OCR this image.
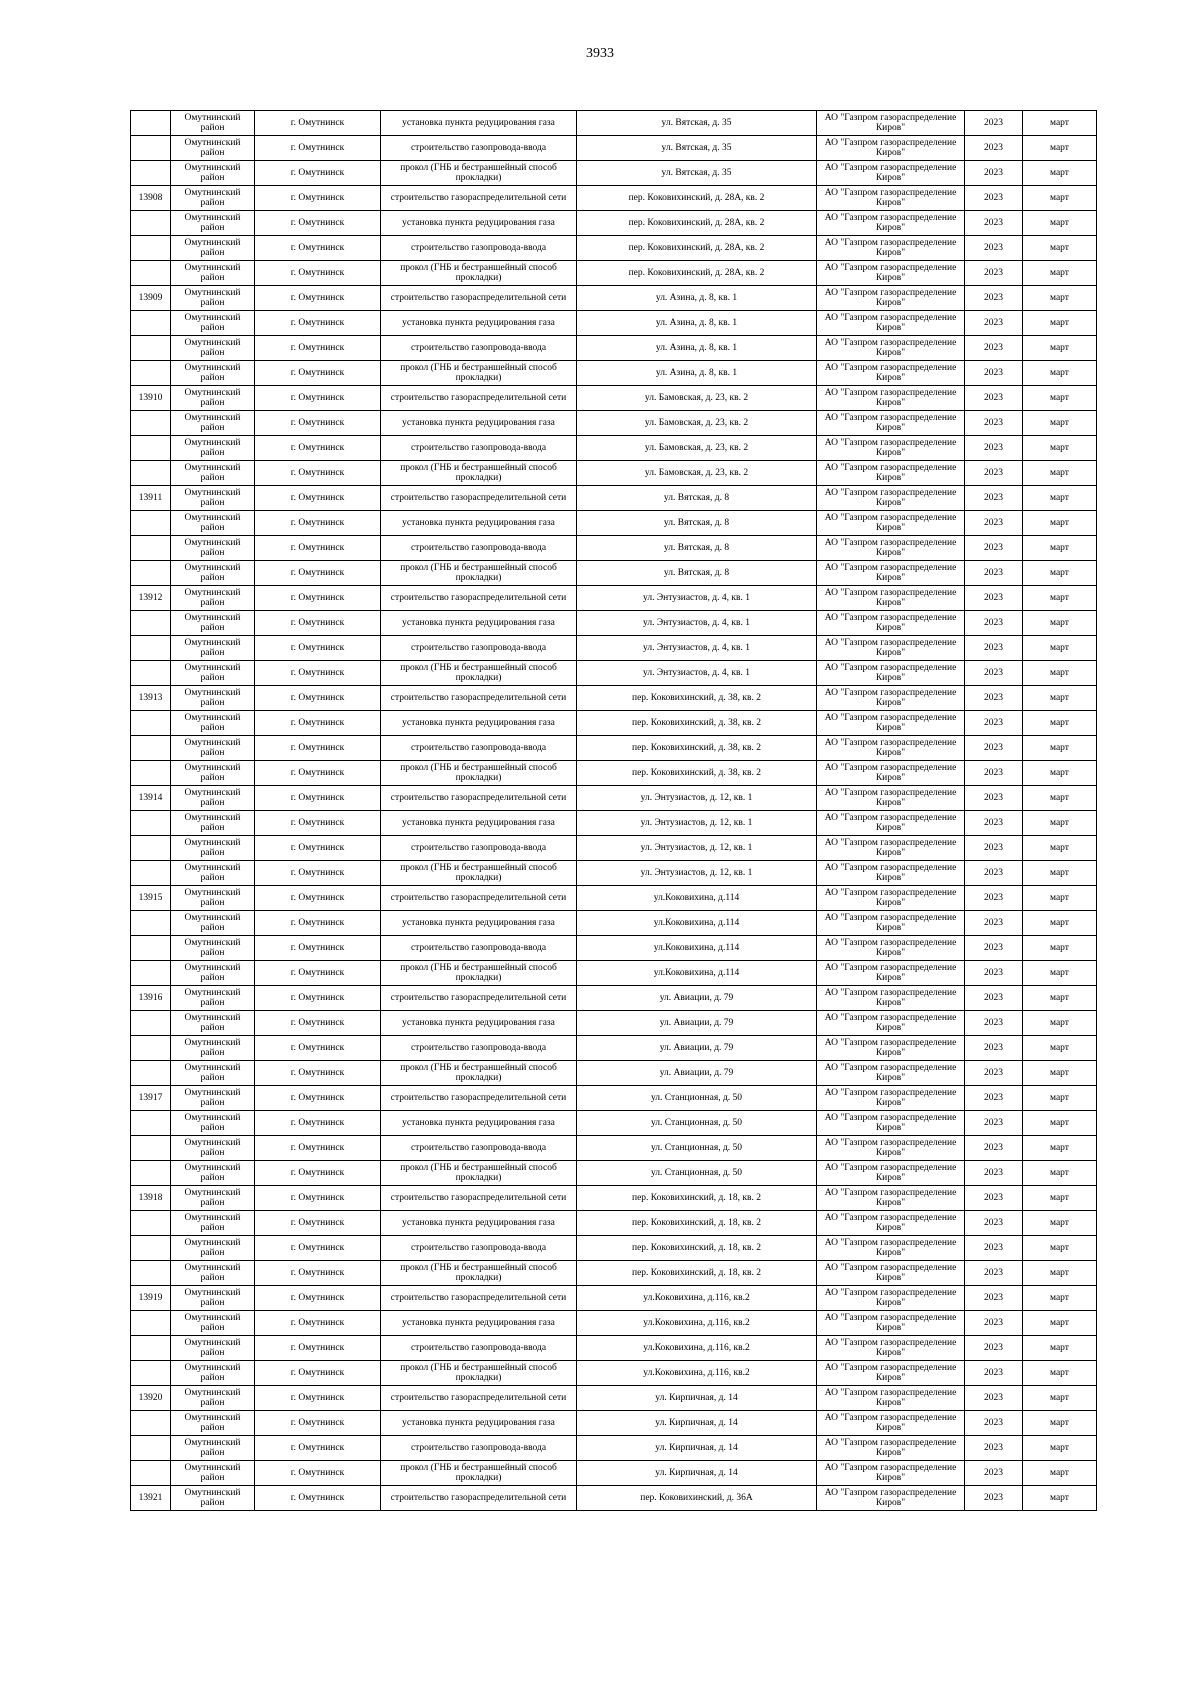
3933
	Омутнинский район	г. Омутнинск	установка пункта редуцирования газа	ул. Вятская, д. 35	АО "Газпром газораспределение Киров"	2023	март
	Омутнинский район	г. Омутнинск	строительство газопровода-ввода	ул. Вятская, д. 35	АО "Газпром газораспределение Киров"	2023	март
	Омутнинский район	г. Омутнинск	прокол (ГНБ и бестраншейный способ прокладки)	ул. Вятская, д. 35	АО "Газпром газораспределение Киров"	2023	март
13908	Омутнинский район	г. Омутнинск	строительство газораспределительной сети	пер. Коковихинский, д. 28А, кв. 2	АО "Газпром газораспределение Киров"	2023	март
	Омутнинский район	г. Омутнинск	установка пункта редуцирования газа	пер. Коковихинский, д. 28А, кв. 2	АО "Газпром газораспределение Киров"	2023	март
	Омутнинский район	г. Омутнинск	строительство газопровода-ввода	пер. Коковихинский, д. 28А, кв. 2	АО "Газпром газораспределение Киров"	2023	март
	Омутнинский район	г. Омутнинск	прокол (ГНБ и бестраншейный способ прокладки)	пер. Коковихинский, д. 28А, кв. 2	АО "Газпром газораспределение Киров"	2023	март
13909	Омутнинский район	г. Омутнинск	строительство газораспределительной сети	ул. Азина, д. 8, кв. 1	АО "Газпром газораспределение Киров"	2023	март
	Омутнинский район	г. Омутнинск	установка пункта редуцирования газа	ул. Азина, д. 8, кв. 1	АО "Газпром газораспределение Киров"	2023	март
	Омутнинский район	г. Омутнинск	строительство газопровода-ввода	ул. Азина, д. 8, кв. 1	АО "Газпром газораспределение Киров"	2023	март
	Омутнинский район	г. Омутнинск	прокол (ГНБ и бестраншейный способ прокладки)	ул. Азина, д. 8, кв. 1	АО "Газпром газораспределение Киров"	2023	март
13910	Омутнинский район	г. Омутнинск	строительство газораспределительной сети	ул. Бамовская, д. 23, кв. 2	АО "Газпром газораспределение Киров"	2023	март
	Омутнинский район	г. Омутнинск	установка пункта редуцирования газа	ул. Бамовская, д. 23, кв. 2	АО "Газпром газораспределение Киров"	2023	март
	Омутнинский район	г. Омутнинск	строительство газопровода-ввода	ул. Бамовская, д. 23, кв. 2	АО "Газпром газораспределение Киров"	2023	март
	Омутнинский район	г. Омутнинск	прокол (ГНБ и бестраншейный способ прокладки)	ул. Бамовская, д. 23, кв. 2	АО "Газпром газораспределение Киров"	2023	март
13911	Омутнинский район	г. Омутнинск	строительство газораспределительной сети	ул. Вятская, д. 8	АО "Газпром газораспределение Киров"	2023	март
	Омутнинский район	г. Омутнинск	установка пункта редуцирования газа	ул. Вятская, д. 8	АО "Газпром газораспределение Киров"	2023	март
	Омутнинский район	г. Омутнинск	строительство газопровода-ввода	ул. Вятская, д. 8	АО "Газпром газораспределение Киров"	2023	март
	Омутнинский район	г. Омутнинск	прокол (ГНБ и бестраншейный способ прокладки)	ул. Вятская, д. 8	АО "Газпром газораспределение Киров"	2023	март
13912	Омутнинский район	г. Омутнинск	строительство газораспределительной сети	ул. Энтузиастов, д. 4, кв. 1	АО "Газпром газораспределение Киров"	2023	март
	Омутнинский район	г. Омутнинск	установка пункта редуцирования газа	ул. Энтузиастов, д. 4, кв. 1	АО "Газпром газораспределение Киров"	2023	март
	Омутнинский район	г. Омутнинск	строительство газопровода-ввода	ул. Энтузиастов, д. 4, кв. 1	АО "Газпром газораспределение Киров"	2023	март
	Омутнинский район	г. Омутнинск	прокол (ГНБ и бестраншейный способ прокладки)	ул. Энтузиастов, д. 4, кв. 1	АО "Газпром газораспределение Киров"	2023	март
13913	Омутнинский район	г. Омутнинск	строительство газораспределительной сети	пер. Коковихинский, д. 38, кв. 2	АО "Газпром газораспределение Киров"	2023	март
	Омутнинский район	г. Омутнинск	установка пункта редуцирования газа	пер. Коковихинский, д. 38, кв. 2	АО "Газпром газораспределение Киров"	2023	март
	Омутнинский район	г. Омутнинск	строительство газопровода-ввода	пер. Коковихинский, д. 38, кв. 2	АО "Газпром газораспределение Киров"	2023	март
	Омутнинский район	г. Омутнинск	прокол (ГНБ и бестраншейный способ прокладки)	пер. Коковихинский, д. 38, кв. 2	АО "Газпром газораспределение Киров"	2023	март
13914	Омутнинский район	г. Омутнинск	строительство газораспределительной сети	ул. Энтузиастов, д. 12, кв. 1	АО "Газпром газораспределение Киров"	2023	март
	Омутнинский район	г. Омутнинск	установка пункта редуцирования газа	ул. Энтузиастов, д. 12, кв. 1	АО "Газпром газораспределение Киров"	2023	март
	Омутнинский район	г. Омутнинск	строительство газопровода-ввода	ул. Энтузиастов, д. 12, кв. 1	АО "Газпром газораспределение Киров"	2023	март
	Омутнинский район	г. Омутнинск	прокол (ГНБ и бестраншейный способ прокладки)	ул. Энтузиастов, д. 12, кв. 1	АО "Газпром газораспределение Киров"	2023	март
13915	Омутнинский район	г. Омутнинск	строительство газораспределительной сети	ул.Коковихина, д.114	АО "Газпром газораспределение Киров"	2023	март
	Омутнинский район	г. Омутнинск	установка пункта редуцирования газа	ул.Коковихина, д.114	АО "Газпром газораспределение Киров"	2023	март
	Омутнинский район	г. Омутнинск	строительство газопровода-ввода	ул.Коковихина, д.114	АО "Газпром газораспределение Киров"	2023	март
	Омутнинский район	г. Омутнинск	прокол (ГНБ и бестраншейный способ прокладки)	ул.Коковихина, д.114	АО "Газпром газораспределение Киров"	2023	март
13916	Омутнинский район	г. Омутнинск	строительство газораспределительной сети	ул. Авиации, д. 79	АО "Газпром газораспределение Киров"	2023	март
	Омутнинский район	г. Омутнинск	установка пункта редуцирования газа	ул. Авиации, д. 79	АО "Газпром газораспределение Киров"	2023	март
	Омутнинский район	г. Омутнинск	строительство газопровода-ввода	ул. Авиации, д. 79	АО "Газпром газораспределение Киров"	2023	март
	Омутнинский район	г. Омутнинск	прокол (ГНБ и бестраншейный способ прокладки)	ул. Авиации, д. 79	АО "Газпром газораспределение Киров"	2023	март
13917	Омутнинский район	г. Омутнинск	строительство газораспределительной сети	ул. Станционная, д. 50	АО "Газпром газораспределение Киров"	2023	март
	Омутнинский район	г. Омутнинск	установка пункта редуцирования газа	ул. Станционная, д. 50	АО "Газпром газораспределение Киров"	2023	март
	Омутнинский район	г. Омутнинск	строительство газопровода-ввода	ул. Станционная, д. 50	АО "Газпром газораспределение Киров"	2023	март
	Омутнинский район	г. Омутнинск	прокол (ГНБ и бестраншейный способ прокладки)	ул. Станционная, д. 50	АО "Газпром газораспределение Киров"	2023	март
13918	Омутнинский район	г. Омутнинск	строительство газораспределительной сети	пер. Коковихинский, д. 18, кв. 2	АО "Газпром газораспределение Киров"	2023	март
	Омутнинский район	г. Омутнинск	установка пункта редуцирования газа	пер. Коковихинский, д. 18, кв. 2	АО "Газпром газораспределение Киров"	2023	март
	Омутнинский район	г. Омутнинск	строительство газопровода-ввода	пер. Коковихинский, д. 18, кв. 2	АО "Газпром газораспределение Киров"	2023	март
	Омутнинский район	г. Омутнинск	прокол (ГНБ и бестраншейный способ прокладки)	пер. Коковихинский, д. 18, кв. 2	АО "Газпром газораспределение Киров"	2023	март
13919	Омутнинский район	г. Омутнинск	строительство газораспределительной сети	ул.Коковихина, д.116, кв.2	АО "Газпром газораспределение Киров"	2023	март
	Омутнинский район	г. Омутнинск	установка пункта редуцирования газа	ул.Коковихина, д.116, кв.2	АО "Газпром газораспределение Киров"	2023	март
	Омутнинский район	г. Омутнинск	строительство газопровода-ввода	ул.Коковихина, д.116, кв.2	АО "Газпром газораспределение Киров"	2023	март
	Омутнинский район	г. Омутнинск	прокол (ГНБ и бестраншейный способ прокладки)	ул.Коковихина, д.116, кв.2	АО "Газпром газораспределение Киров"	2023	март
13920	Омутнинский район	г. Омутнинск	строительство газораспределительной сети	ул. Кирпичная, д. 14	АО "Газпром газораспределение Киров"	2023	март
	Омутнинский район	г. Омутнинск	установка пункта редуцирования газа	ул. Кирпичная, д. 14	АО "Газпром газораспределение Киров"	2023	март
	Омутнинский район	г. Омутнинск	строительство газопровода-ввода	ул. Кирпичная, д. 14	АО "Газпром газораспределение Киров"	2023	март
	Омутнинский район	г. Омутнинск	прокол (ГНБ и бестраншейный способ прокладки)	ул. Кирпичная, д. 14	АО "Газпром газораспределение Киров"	2023	март
13921	Омутнинский район	г. Омутнинск	строительство газораспределительной сети	пер. Коковихинский, д. 36А	АО "Газпром газораспределение Киров"	2023	март
